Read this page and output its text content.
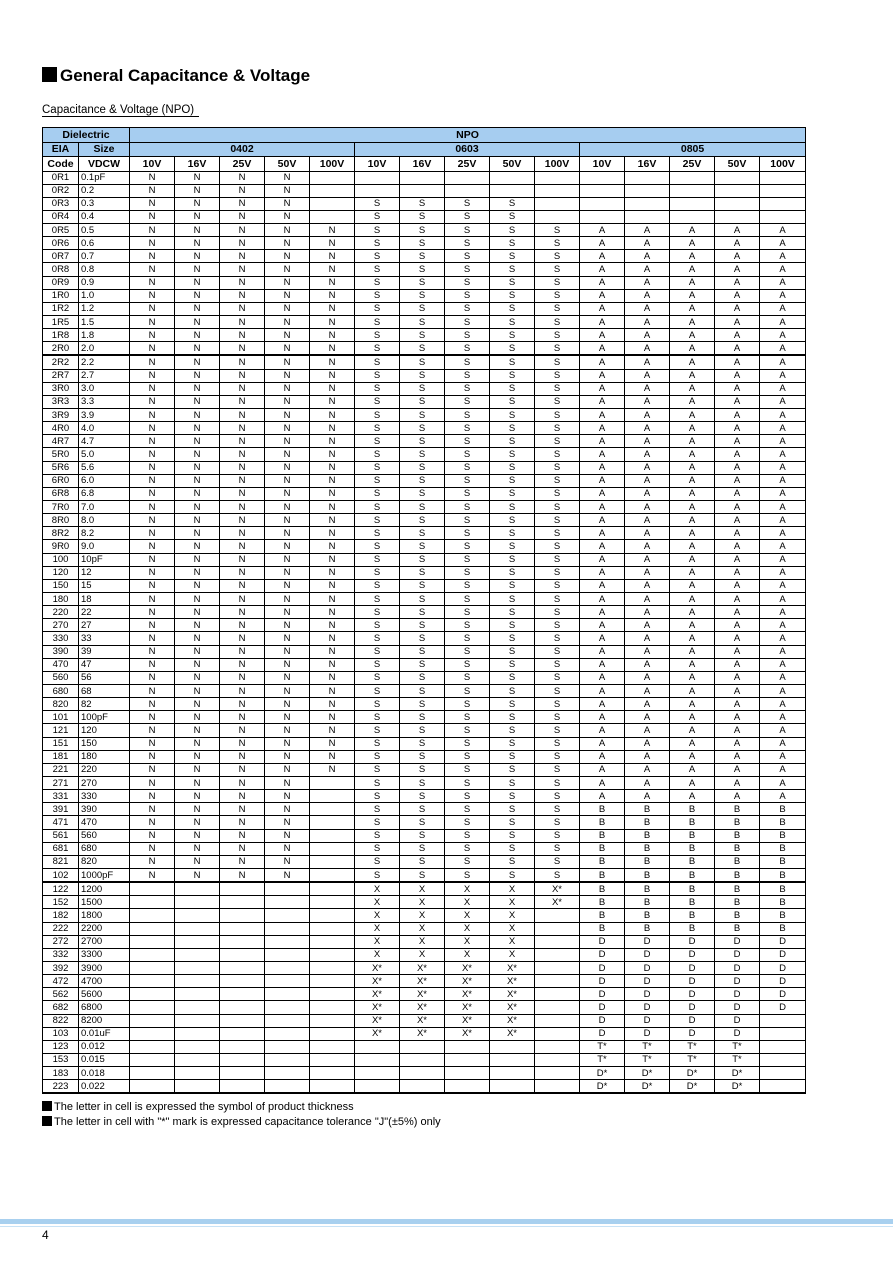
General Capacitance & Voltage
Capacitance & Voltage (NPO)
Dielectric		NPO														
EIA	Size	0402					0603					0805				
Code	VDCW	10V	16V	25V	50V	100V	10V	16V	25V	50V	100V	10V	16V	25V	50V	100V
0R1	0.1pF	N	N	N	N											
0R2	0.2	N	N	N	N											
0R3	0.3	N	N	N	N		S	S	S	S						
0R4	0.4	N	N	N	N		S	S	S	S						
0R5	0.5	N	N	N	N	N	S	S	S	S	S	A	A	A	A	A
0R6	0.6	N	N	N	N	N	S	S	S	S	S	A	A	A	A	A
0R7	0.7	N	N	N	N	N	S	S	S	S	S	A	A	A	A	A
0R8	0.8	N	N	N	N	N	S	S	S	S	S	A	A	A	A	A
0R9	0.9	N	N	N	N	N	S	S	S	S	S	A	A	A	A	A
1R0	1.0	N	N	N	N	N	S	S	S	S	S	A	A	A	A	A
1R2	1.2	N	N	N	N	N	S	S	S	S	S	A	A	A	A	A
1R5	1.5	N	N	N	N	N	S	S	S	S	S	A	A	A	A	A
1R8	1.8	N	N	N	N	N	S	S	S	S	S	A	A	A	A	A
2R0	2.0	N	N	N	N	N	S	S	S	S	S	A	A	A	A	A
2R2	2.2	N	N	N	N	N	S	S	S	S	S	A	A	A	A	A
2R7	2.7	N	N	N	N	N	S	S	S	S	S	A	A	A	A	A
3R0	3.0	N	N	N	N	N	S	S	S	S	S	A	A	A	A	A
3R3	3.3	N	N	N	N	N	S	S	S	S	S	A	A	A	A	A
3R9	3.9	N	N	N	N	N	S	S	S	S	S	A	A	A	A	A
4R0	4.0	N	N	N	N	N	S	S	S	S	S	A	A	A	A	A
4R7	4.7	N	N	N	N	N	S	S	S	S	S	A	A	A	A	A
5R0	5.0	N	N	N	N	N	S	S	S	S	S	A	A	A	A	A
5R6	5.6	N	N	N	N	N	S	S	S	S	S	A	A	A	A	A
6R0	6.0	N	N	N	N	N	S	S	S	S	S	A	A	A	A	A
6R8	6.8	N	N	N	N	N	S	S	S	S	S	A	A	A	A	A
7R0	7.0	N	N	N	N	N	S	S	S	S	S	A	A	A	A	A
8R0	8.0	N	N	N	N	N	S	S	S	S	S	A	A	A	A	A
8R2	8.2	N	N	N	N	N	S	S	S	S	S	A	A	A	A	A
9R0	9.0	N	N	N	N	N	S	S	S	S	S	A	A	A	A	A
100	10pF	N	N	N	N	N	S	S	S	S	S	A	A	A	A	A
120	12	N	N	N	N	N	S	S	S	S	S	A	A	A	A	A
150	15	N	N	N	N	N	S	S	S	S	S	A	A	A	A	A
180	18	N	N	N	N	N	S	S	S	S	S	A	A	A	A	A
220	22	N	N	N	N	N	S	S	S	S	S	A	A	A	A	A
270	27	N	N	N	N	N	S	S	S	S	S	A	A	A	A	A
330	33	N	N	N	N	N	S	S	S	S	S	A	A	A	A	A
390	39	N	N	N	N	N	S	S	S	S	S	A	A	A	A	A
470	47	N	N	N	N	N	S	S	S	S	S	A	A	A	A	A
560	56	N	N	N	N	N	S	S	S	S	S	A	A	A	A	A
680	68	N	N	N	N	N	S	S	S	S	S	A	A	A	A	A
820	82	N	N	N	N	N	S	S	S	S	S	A	A	A	A	A
101	100pF	N	N	N	N	N	S	S	S	S	S	A	A	A	A	A
121	120	N	N	N	N	N	S	S	S	S	S	A	A	A	A	A
151	150	N	N	N	N	N	S	S	S	S	S	A	A	A	A	A
181	180	N	N	N	N	N	S	S	S	S	S	A	A	A	A	A
221	220	N	N	N	N	N	S	S	S	S	S	A	A	A	A	A
271	270	N	N	N	N		S	S	S	S	S	A	A	A	A	A
331	330	N	N	N	N		S	S	S	S	S	A	A	A	A	A
391	390	N	N	N	N		S	S	S	S	S	B	B	B	B	B
471	470	N	N	N	N		S	S	S	S	S	B	B	B	B	B
561	560	N	N	N	N		S	S	S	S	S	B	B	B	B	B
681	680	N	N	N	N		S	S	S	S	S	B	B	B	B	B
821	820	N	N	N	N		S	S	S	S	S	B	B	B	B	B
102	1000pF	N	N	N	N		S	S	S	S	S	B	B	B	B	B
122	1200						X	X	X	X	X*	B	B	B	B	B
152	1500						X	X	X	X	X*	B	B	B	B	B
182	1800						X	X	X	X		B	B	B	B	B
222	2200						X	X	X	X		B	B	B	B	B
272	2700						X	X	X	X		D	D	D	D	D
332	3300						X	X	X	X		D	D	D	D	D
392	3900						X*	X*	X*	X*		D	D	D	D	D
472	4700						X*	X*	X*	X*		D	D	D	D	D
562	5600						X*	X*	X*	X*		D	D	D	D	D
682	6800						X*	X*	X*	X*		D	D	D	D	D
822	8200						X*	X*	X*	X*		D	D	D	D	
103	0.01uF						X*	X*	X*	X*		D	D	D	D	
123	0.012											T*	T*	T*	T*	
153	0.015											T*	T*	T*	T*	
183	0.018											D*	D*	D*	D*	
223	0.022											D*	D*	D*	D*	
The letter in cell is expressed the symbol of product thickness
The letter in cell with "*" mark is expressed capacitance tolerance "J"(±5%) only
4
